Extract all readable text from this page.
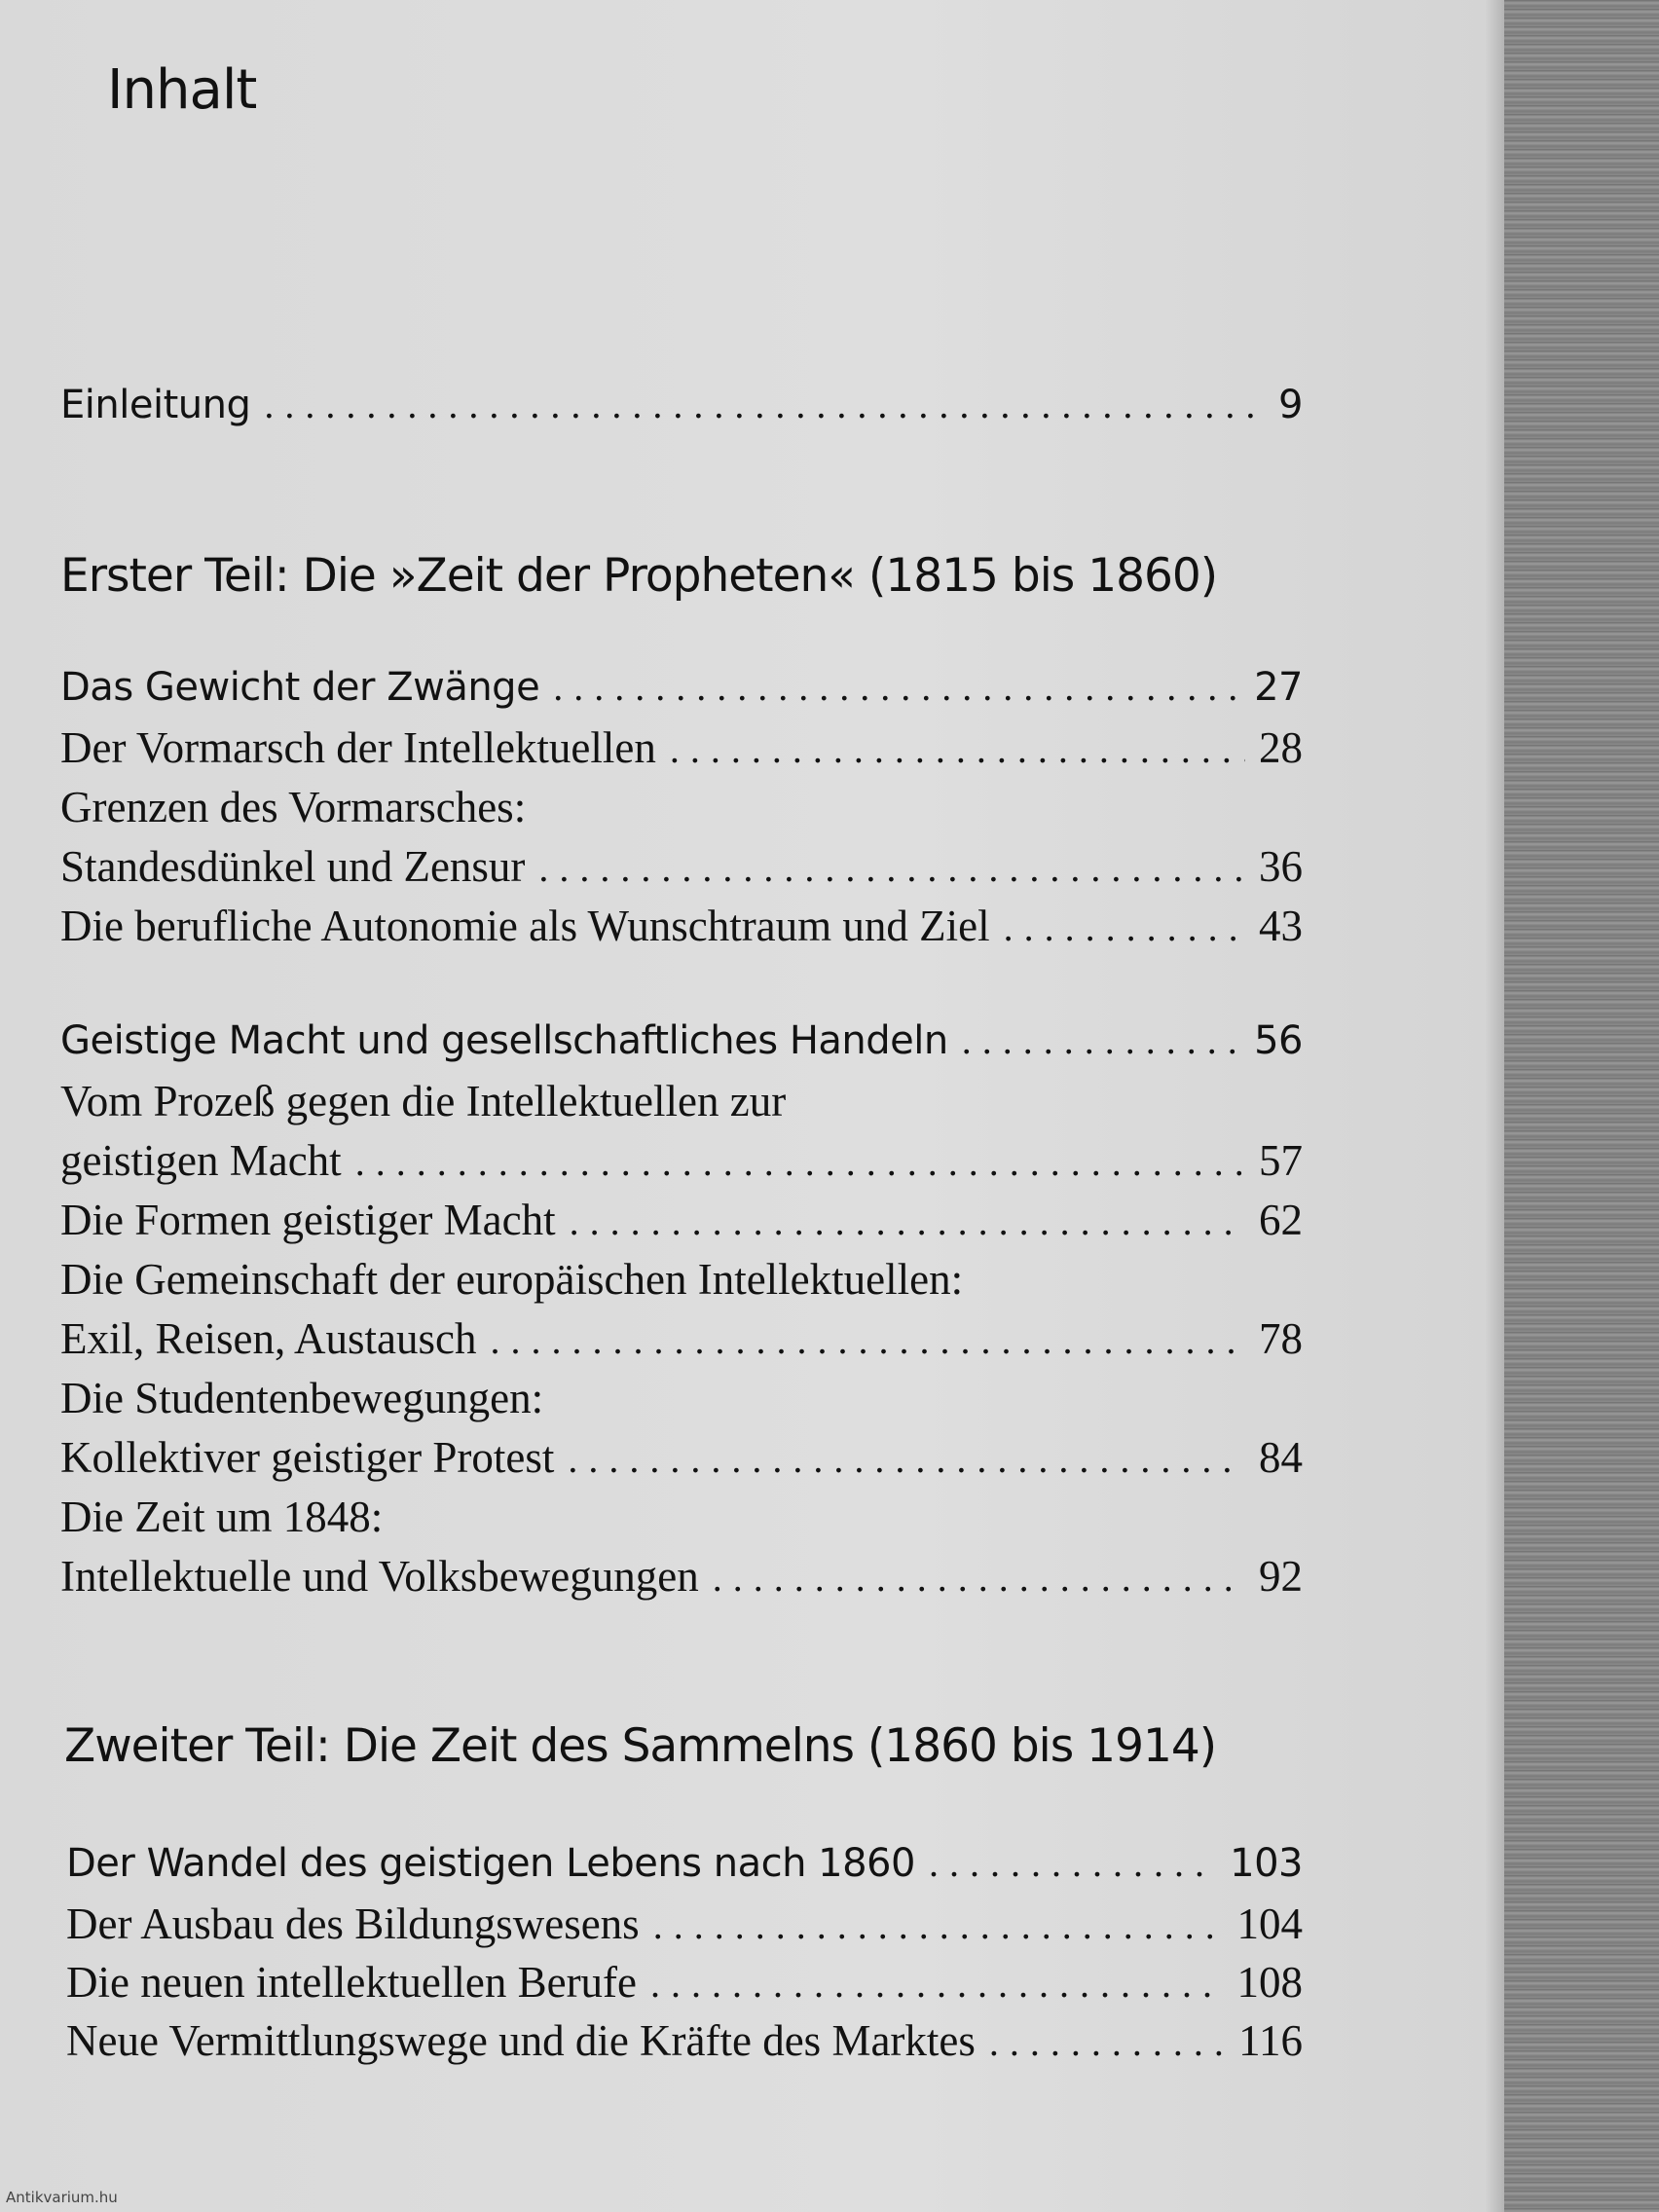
Inhalt
Einleitung .....	9
Erster Teil: Die »Zeit der Propheten« (1815 bis 1860)
Das Gewicht der Zwänge .....	27
Der Vormarsch der Intellektuellen .....	28
Grenzen des Vormarsches:
Standesdünkel und Zensur .....	36
Die berufliche Autonomie als Wunschtraum und Ziel .....	43
Geistige Macht und gesellschaftliches Handeln .....	56
Vom Prozeß gegen die Intellektuellen zur
geistigen Macht .....	57
Die Formen geistiger Macht .....	62
Die Gemeinschaft der europäischen Intellektuellen:
Exil, Reisen, Austausch .....	78
Die Studentenbewegungen:
Kollektiver geistiger Protest .....	84
Die Zeit um 1848:
Intellektuelle und Volksbewegungen .....	92
Zweiter Teil: Die Zeit des Sammelns (1860 bis 1914)
Der Wandel des geistigen Lebens nach 1860 .....	103
Der Ausbau des Bildungswesens .....	104
Die neuen intellektuellen Berufe .....	108
Neue Vermittlungswege und die Kräfte des Marktes .....	116
Antikvarium.hu
